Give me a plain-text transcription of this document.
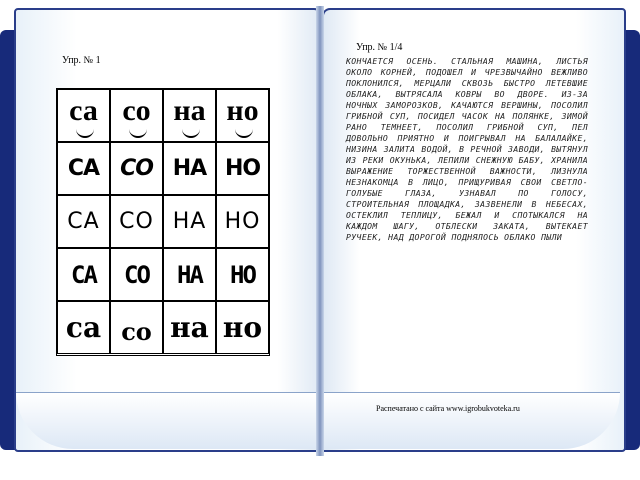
Упр. № 1
Упр. № 1/4
са со на но
СА СО НА НО
СА СО НА НО
СА СО НА НО
са со на но
КОНЧАЕТСЯ ОСЕНЬ. СТАЛЬНАЯ МАШИНА, ЛИСТЬЯ ОКОЛО КОРНЕЙ, ПОДОШЕЛ И ЧРЕЗВЫЧАЙНО ВЕЖЛИВО ПОКЛОНИЛСЯ, МЕРЦАЛИ СКВОЗЬ БЫСТРО ЛЕТЕВШИЕ ОБЛАКА, ВЫТРЯСАЛА КОВРЫ ВО ДВОРЕ. ИЗ-ЗА НОЧНЫХ ЗАМОРОЗКОВ, КАЧАЮТСЯ ВЕРШИНЫ, ПОСОЛИЛ ГРИБНОЙ СУП, ПОСИДЕЛ ЧАСОК НА ПОЛЯНКЕ, ЗИМОЙ РАНО ТЕМНЕЕТ, ПОСОЛИЛ ГРИБНОЙ СУП, ПЕЛ ДОВОЛЬНО ПРИЯТНО И ПОИГРЫВАЛ НА БАЛАЛАЙКЕ, НИЗИНА ЗАЛИТА ВОДОЙ, В РЕЧНОЙ ЗАВОДИ, ВЫТЯНУЛ ИЗ РЕКИ ОКУНЬКА, ЛЕПИЛИ СНЕЖНУЮ БАБУ, ХРАНИЛА ВЫРАЖЕНИЕ ТОРЖЕСТВЕННОЙ ВАЖНОСТИ, ЛИЗНУЛА НЕЗНАКОМЦА В ЛИЦО, ПРИЩУРИВАЯ СВОИ СВЕТЛО-ГОЛУБЫЕ ГЛАЗА, УЗНАВАЛ ПО ГОЛОСУ, СТРОИТЕЛЬНАЯ ПЛОЩАДКА, ЗАЗВЕНЕЛИ В НЕБЕСАХ, ОСТЕКЛИЛ ТЕПЛИЦУ, БЕЖАЛ И СПОТЫКАЛСЯ НА КАЖДОМ ШАГУ, ОТБЛЕСКИ ЗАКАТА, ВЫТЕКАЕТ РУЧЕЕК, НАД ДОРОГОЙ ПОДНЯЛОСЬ ОБЛАКО ПЫЛИ
Распечатано с сайта www.igrobukvoteka.ru
